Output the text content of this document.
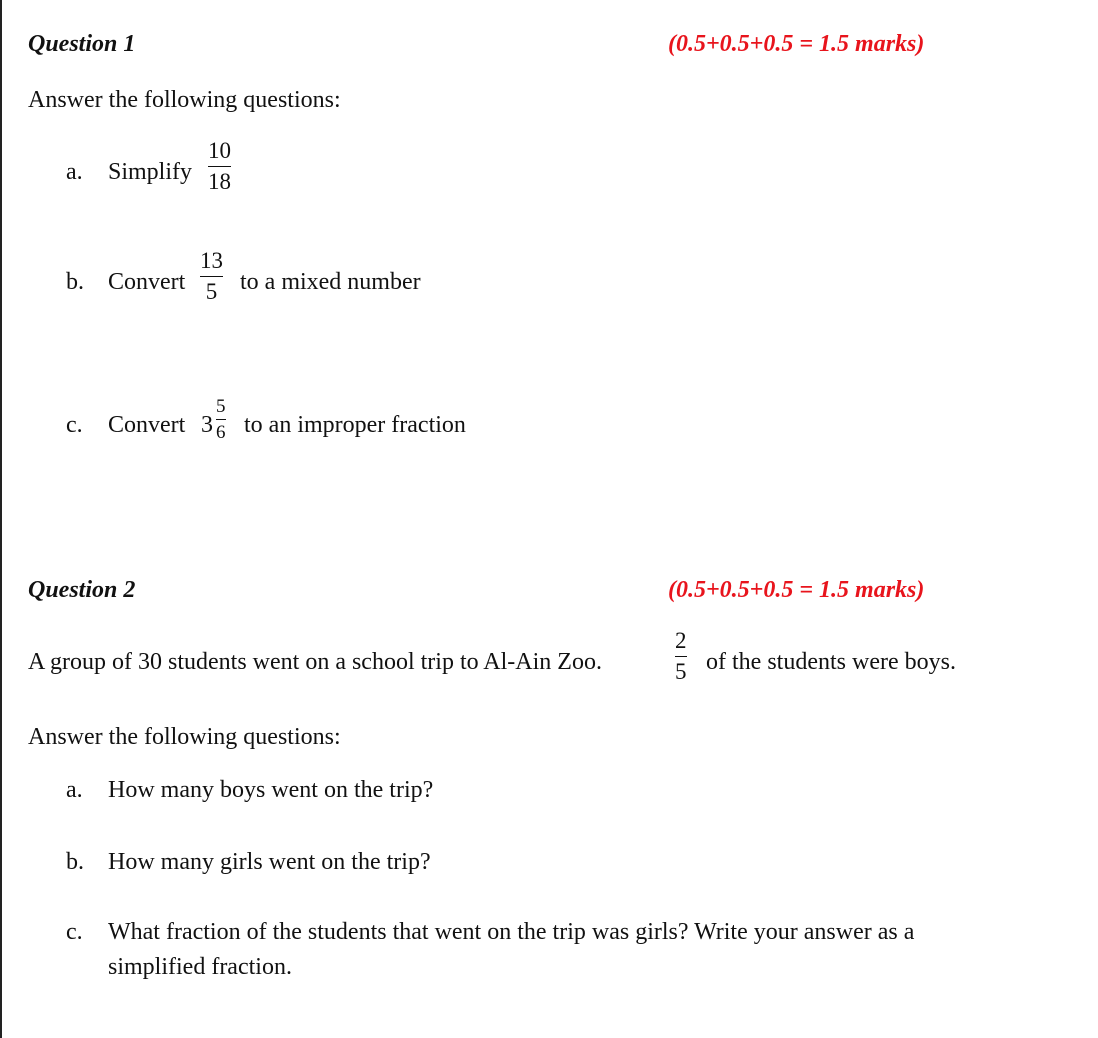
Question 1	(0.5+0.5+0.5 = 1.5 marks)
Answer the following questions:
a. Simplify
10
18
b. Convert
13
5 to a mixed number
c. Convert 3
5
6 to an improper fraction
Question 2	(0.5+0.5+0.5 = 1.5 marks)
A group of 30 students went on a school trip to Al-Ain Zoo.
2
5 of the students were boys.
Answer the following questions:
a. How many boys went on the trip?
b. How many girls went on the trip?
c. What fraction of the students that went on the trip was girls? Write your answer as a
simplified fraction.
